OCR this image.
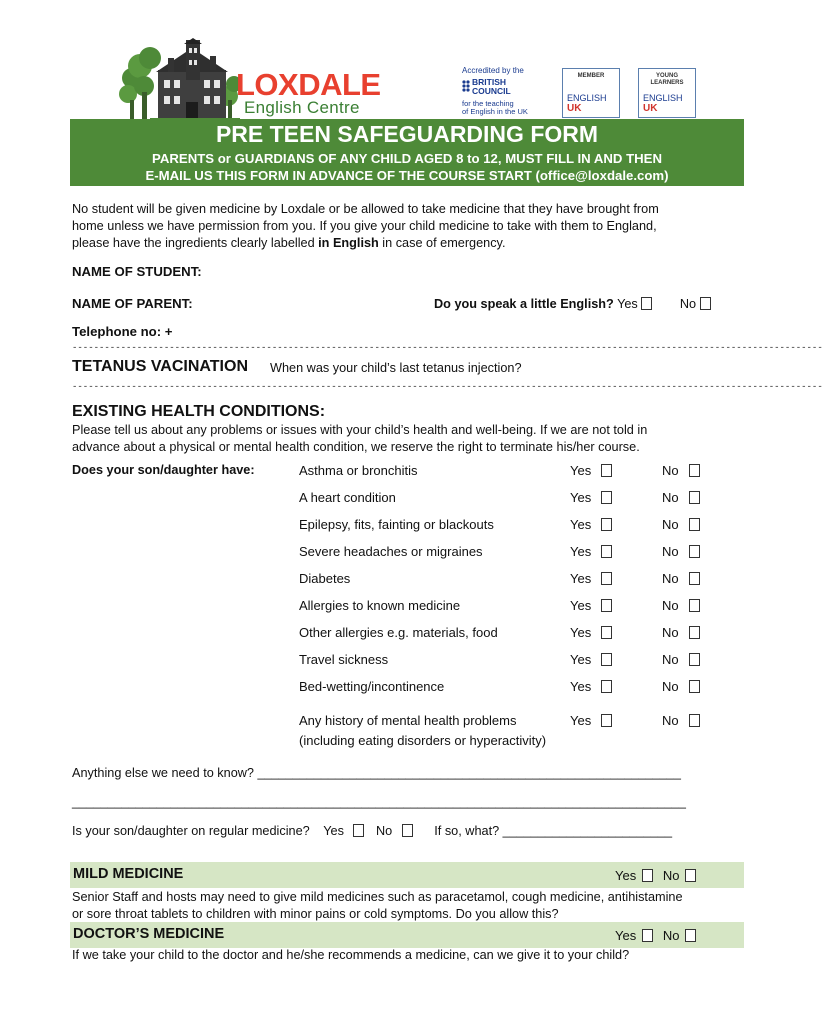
LOXDALE
English Centre
Accredited by the
BRITISH
COUNCIL
for the teaching
of English in the UK
MEMBER
ENGLISH
UK
YOUNG
LEARNERS
ENGLISH
UK
PRE TEEN SAFEGUARDING FORM
PARENTS or GUARDIANS OF ANY CHILD AGED 8 to 12, MUST FILL IN AND THEN
E-MAIL US THIS FORM IN ADVANCE OF THE COURSE START (office@loxdale.com)
No student will be given medicine by Loxdale or be allowed to take medicine that they have brought from
home unless we have permission from you. If you give your child medicine to take with them to England,
please have the ingredients clearly labelled in English in case of emergency.
NAME OF STUDENT:
NAME OF PARENT:	Do you speak a little English? Yes	No
Telephone no: +
-------------------------------------------------------------------------------------------------------------------------------------------
TETANUS VACINATION When was your child’s last tetanus injection?
-------------------------------------------------------------------------------------------------------------------------------------------
EXISTING HEALTH CONDITIONS:
Please tell us about any problems or issues with your child’s health and well-being. If we are not told in
advance about a physical or mental health condition, we reserve the right to terminate his/her course.
Does your son/daughter have:	Asthma or bronchitis	Yes	No
A heart condition	Yes	No
Epilepsy, fits, fainting or blackouts	Yes	No
Severe headaches or migraines	Yes	No
Diabetes	Yes	No
Allergies to known medicine	Yes	No
Other allergies e.g. materials, food	Yes	No
Travel sickness	Yes	No
Bed-wetting/incontinence	Yes	No
Any history of mental health problems
(including eating disorders or hyperactivity)
Yes	No
Anything else we need to know? ____________________________________________________________
_______________________________________________________________________________________
Is your son/daughter on regular medicine? Yes	No	If so, what? ________________________
MILD MEDICINE	Yes No
Senior Staff and hosts may need to give mild medicines such as paracetamol, cough medicine, antihistamine
or sore throat tablets to children with minor pains or cold symptoms. Do you allow this?
DOCTOR’S MEDICINE	Yes No
If we take your child to the doctor and he/she recommends a medicine, can we give it to your child?
